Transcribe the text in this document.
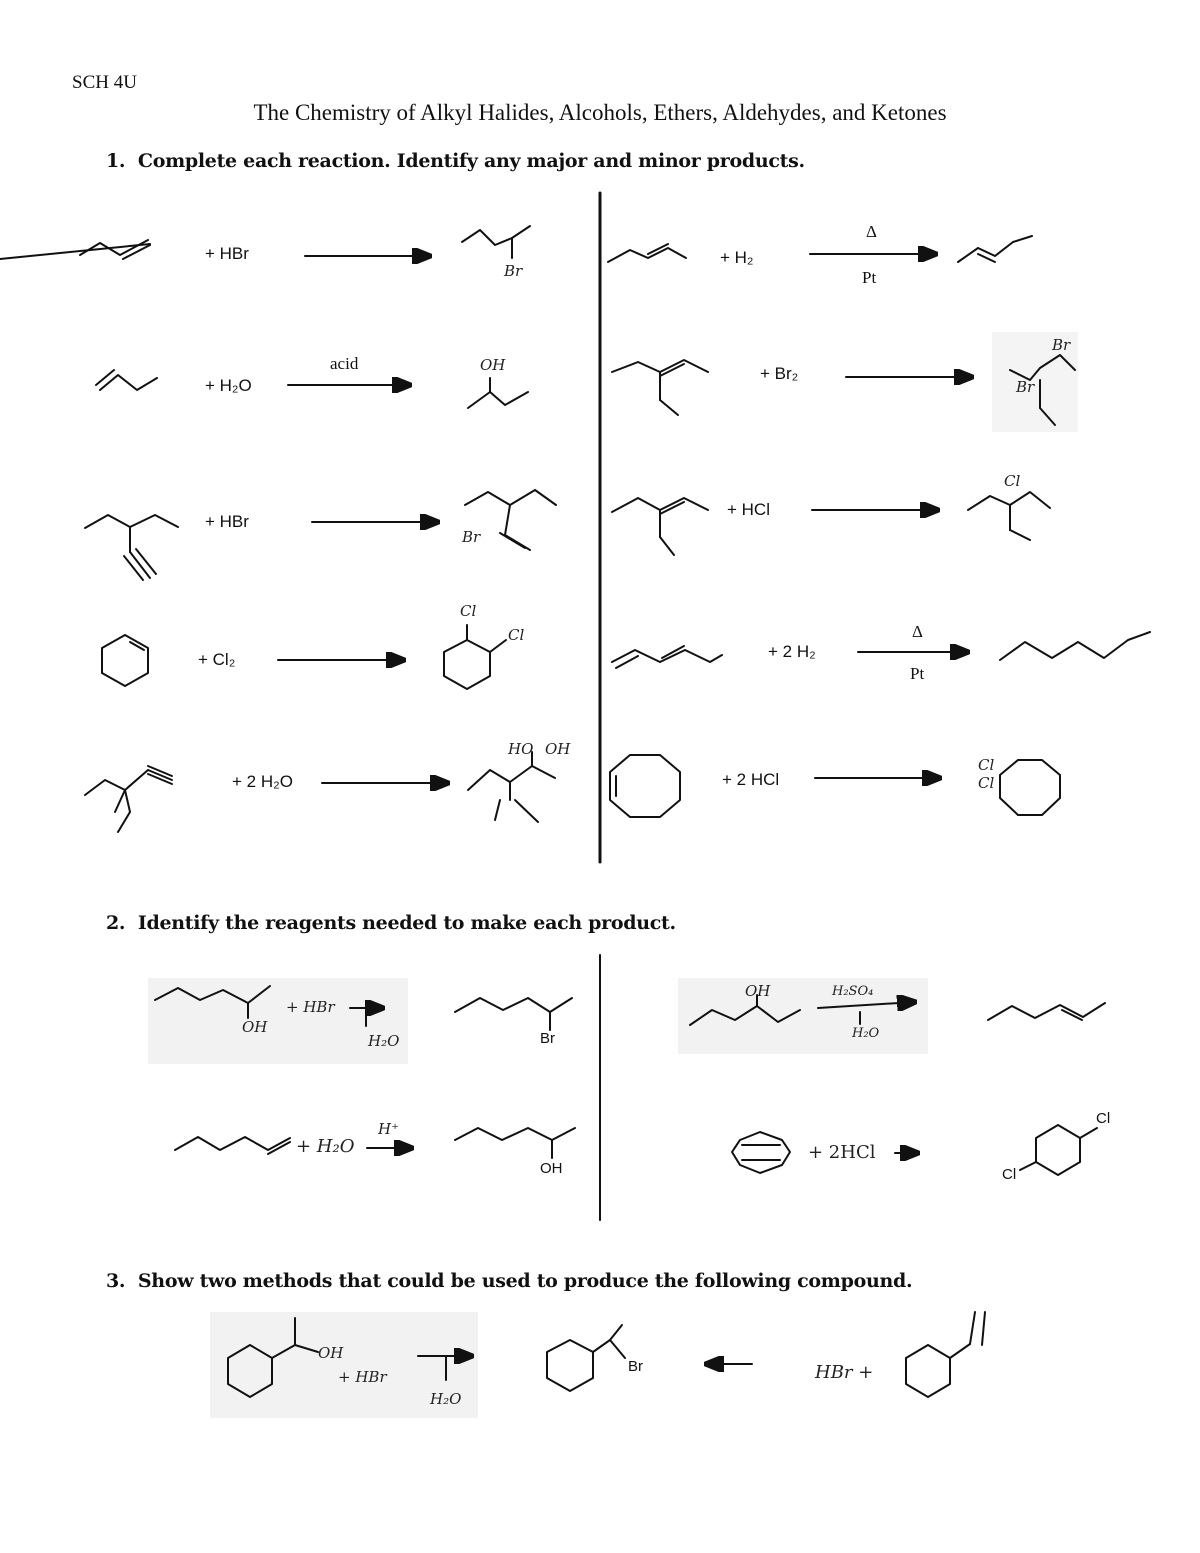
SCH 4U
The Chemistry of Alkyl Halides, Alcohols, Ethers, Aldehydes, and Ketones
1. Complete each reaction. Identify any major and minor products.
2. Identify the reagents needed to make each product.
3. Show two methods that could be used to produce the following compound.
+ HBr
Br
+ H₂O
acid	OH
+ HBr
Br
+ Cl₂
Cl
Cl
+ 2 H₂O
HO OH
+ H₂
Δ
Pt
+ Br₂
Br
Br
+ HCl
Cl
+ 2 H₂
Δ
Pt
+ 2 HCl
Cl
Cl
+ HBr
OH
H₂O	Br
+ H₂O
H⁺
OH
OH	H₂SO₄
H₂O
+ 2HCl
Cl
Cl
OH
+ HBr
H₂O
Br	HBr +
